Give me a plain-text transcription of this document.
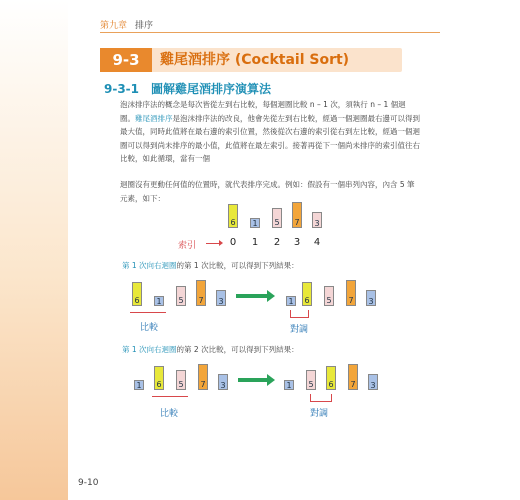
第九章 排序
9-3	雞尾酒排序 (Cocktail Sort)
9-3-1 圖解雞尾酒排序演算法
泡沫排序法的概念是每次皆從左到右比較，每個迴圈比較 n – 1 次，須執行 n – 1 個迴圈。雞尾酒排序是泡沫排序法的改良，他會先從左到右比較，經過一個迴圈最右邊可以得到最大值，同時此值將在最右邊的索引位置，然後從次右邊的索引從右到左比較，經過一個迴圈可以得到尚未排序的最小值，此值將在最左索引。接著再從下一個尚未排序的索引值往右比較，如此循環，當有一個
迴圈沒有更動任何值的位置時，就代表排序完成。例如：假設有一個串列內容，內含 5 筆元素，如下：
6	1	5	7	3
索引	0	1	2	3	4
第 1 次向右迴圈的第 1 次比較，可以得到下列結果：
6	1	5	7	3
比較
1	6	5	7	3
對調
第 1 次向右迴圈的第 2 次比較，可以得到下列結果：
1	6	5	7	3
比較
1	5	6	7	3
對調
9-10
